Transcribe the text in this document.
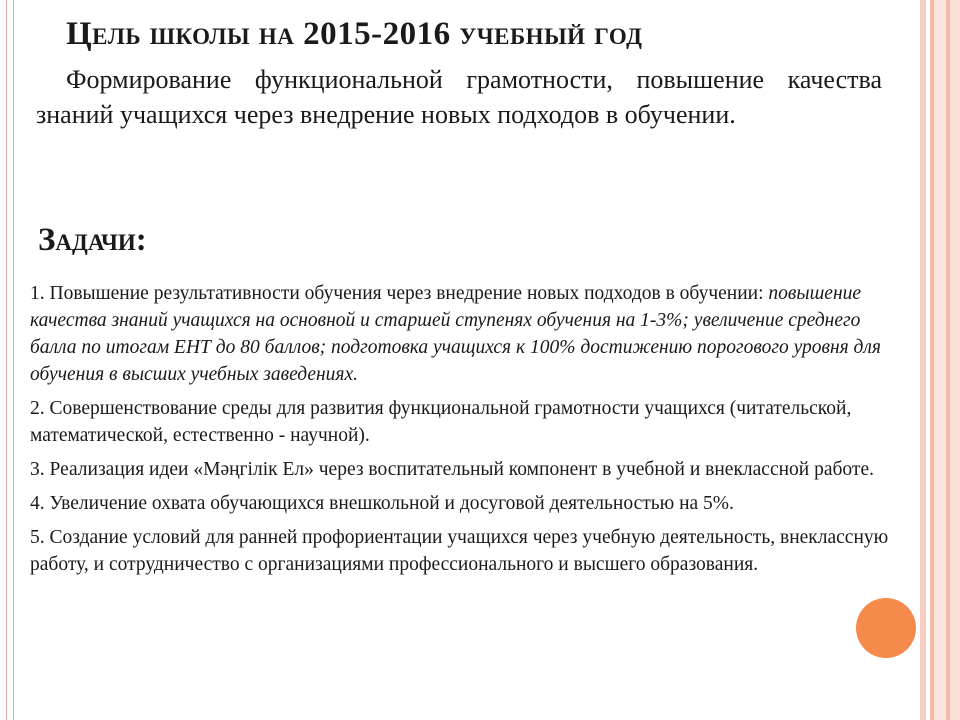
Цель школы на 2015-2016 учебный год

Формирование функциональной грамотности, повышение качества знаний учащихся через внедрение новых подходов в обучении.

Задачи:

1. Повышение результативности обучения через внедрение новых подходов в обучении: повышение качества знаний учащихся на основной и старшей ступенях обучения на 1-3%; увеличение среднего балла по итогам ЕНТ до 80 баллов; подготовка учащихся к 100% достижению порогового уровня для обучения в высших учебных заведениях.

2. Совершенствование среды для развития функциональной грамотности учащихся (читательской, математической, естественно - научной).

3. Реализация идеи «Мәңгілік Ел» через воспитательный компонент в учебной и внеклассной работе.

4. Увеличение охвата обучающихся внешкольной и досуговой деятельностью на 5%.

5. Создание условий для ранней профориентации учащихся через учебную деятельность, внеклассную работу, и сотрудничество с организациями профессионального и высшего образования.
